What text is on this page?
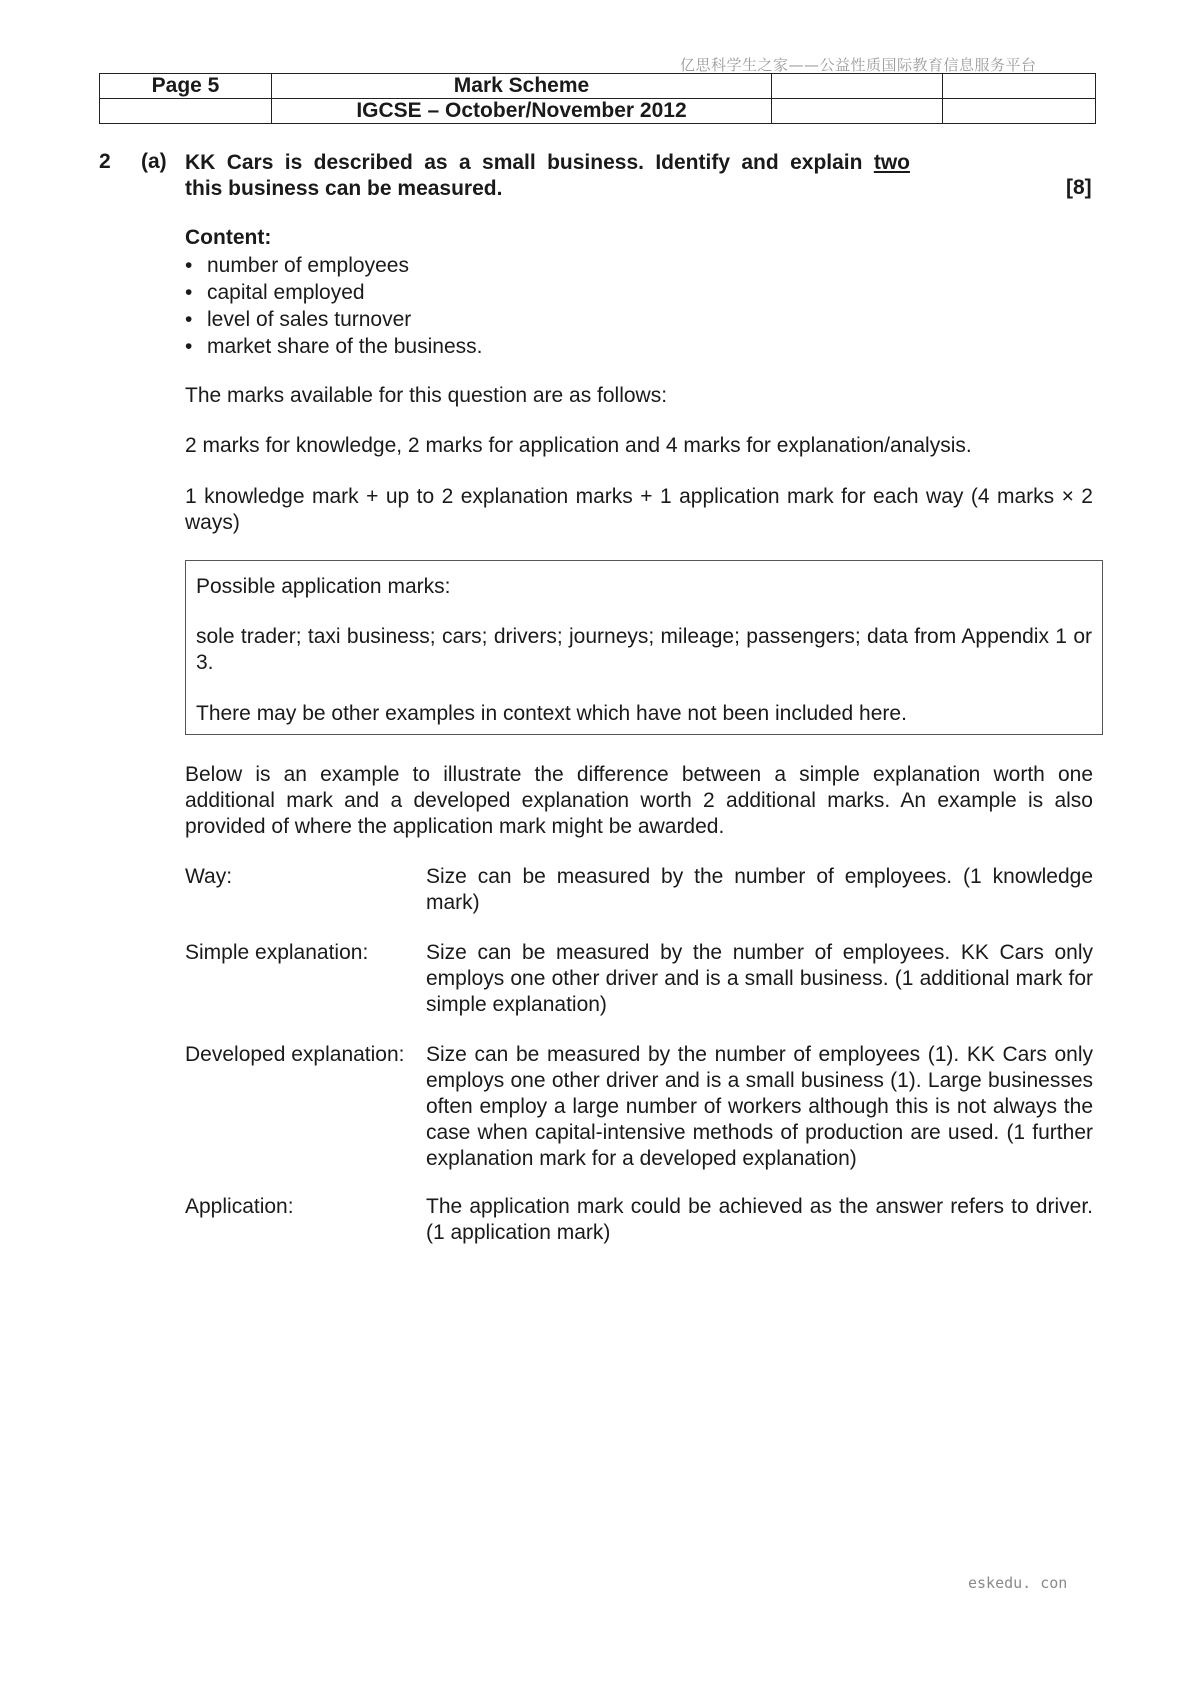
亿思科学生之家——公益性质国际教育信息服务平台
Page 5	Mark Scheme		
	IGCSE – October/November 2012		
2 (a) KK Cars is described as a small business. Identify and explain two
this business can be measured.	[8]
Content:
• number of employees
• capital employed
• level of sales turnover
• market share of the business.
The marks available for this question are as follows:
2 marks for knowledge, 2 marks for application and 4 marks for explanation/analysis.
1 knowledge mark + up to 2 explanation marks + 1 application mark for each way (4 marks × 2 ways)
Possible application marks:
sole trader; taxi business; cars; drivers; journeys; mileage; passengers; data from Appendix 1 or 3.
There may be other examples in context which have not been included here.
Below is an example to illustrate the difference between a simple explanation worth one additional mark and a developed explanation worth 2 additional marks. An example is also provided of where the application mark might be awarded.
Way:	Size can be measured by the number of employees. (1 knowledge mark)
Simple explanation:	Size can be measured by the number of employees. KK Cars only employs one other driver and is a small business. (1 additional mark for simple explanation)
Developed explanation: Size can be measured by the number of employees (1). KK Cars only employs one other driver and is a small business (1). Large businesses often employ a large number of workers although this is not always the case when capital-intensive methods of production are used. (1 further explanation mark for a developed explanation)
Application:	The application mark could be achieved as the answer refers to driver. (1 application mark)
eskedu. con
